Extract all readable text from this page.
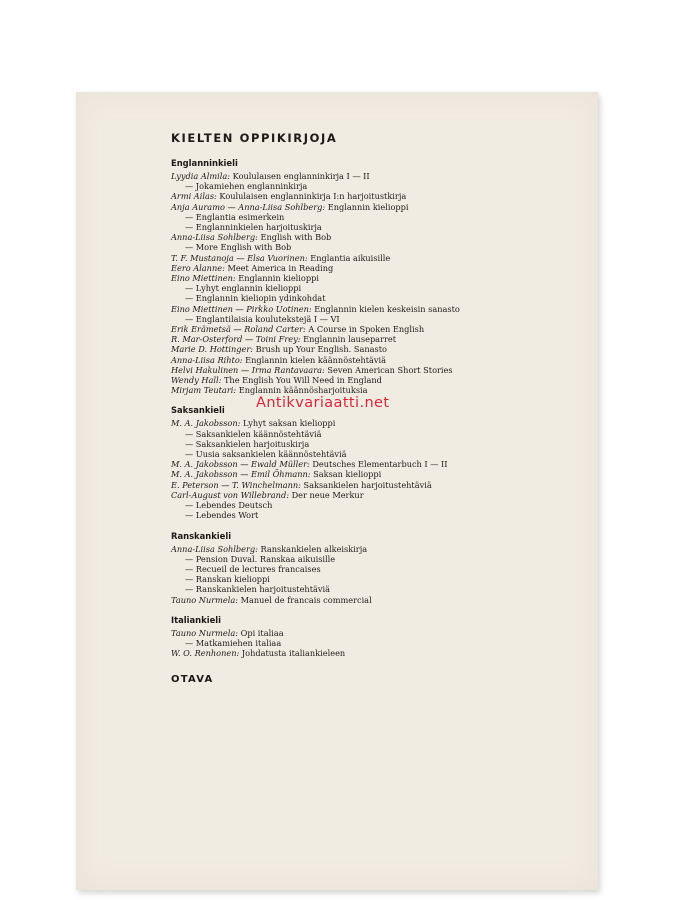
KIELTEN OPPIKIRJOJA
Englanninkieli
Lyydia Almila: Koululaısen englanninkirja I — II
— Jokamiehen englanninkirja
Armi Ailas: Koululaisen englanninkirja I:n harjoitustkirja
Anja Auramo — Anna-Liisa Sohlberg: Englannin kielioppi
— Englantia esimerkein
— Englanninkielen harjoituskirja
Anna-Liisa Sohlberg: English with Bob
— More English with Bob
T. F. Mustanoja — Elsa Vuorinen: Englantia aikuisille
Eero Alanne: Meet America in Reading
Eino Miettinen: Englannin kielioppi
— Lyhyt englannin kielioppi
— Englannin kieliopin ydinkohdat
Eino Miettinen — Pirkko Uotinen: Englannin kielen keskeisin sanasto
— Englantilaisia koulutekstejä I — VI
Erik Erämetsä — Roland Carter: A Course in Spoken English
R. Mar-Osterford — Toini Frey: Englannin lauseparret
Marie D. Hottinger: Brush up Your English. Sanasto
Anna-Liisa Rihto: Englannin kielen käännöstehtäviä
Helvi Hakulinen — Irma Rantavaara: Seven American Short Stories
Wendy Hall: The English You Will Need in England
Mirjam Teutari: Englannin käännösharjoituksia
Saksankieli
M. A. Jakobsson: Lyhyt saksan kielioppi
— Saksankielen käännöstehtäviä
— Saksankielen harjoituskirja
— Uusia saksankielen käännöstehtäviä
M. A. Jakobsson — Ewald Müller: Deutsches Elementarbuch I — II
M. A. Jakobsson — Emil Öhmann: Saksan kielioppi
E. Peterson — T. Winchelmann: Saksankielen harjoitustehtäviä
Carl-August von Willebrand: Der neue Merkur
— Lebendes Deutsch
— Lebendes Wort
Ranskankieli
Anna-Liisa Sohlberg: Ranskankielen alkeiskirja
— Pension Duval. Ranskaa aikuisille
— Recueil de lectures francaises
— Ranskan kielioppi
— Ranskankielen harjoitustehtäviä
Tauno Nurmela: Manuel de francais commercial
Italiankieli
Tauno Nurmela: Opi italiaa
— Matkamiehen italiaa
W. O. Renhonen: Johdatusta italiankieleen
OTAVA
Antikvariaatti.net
